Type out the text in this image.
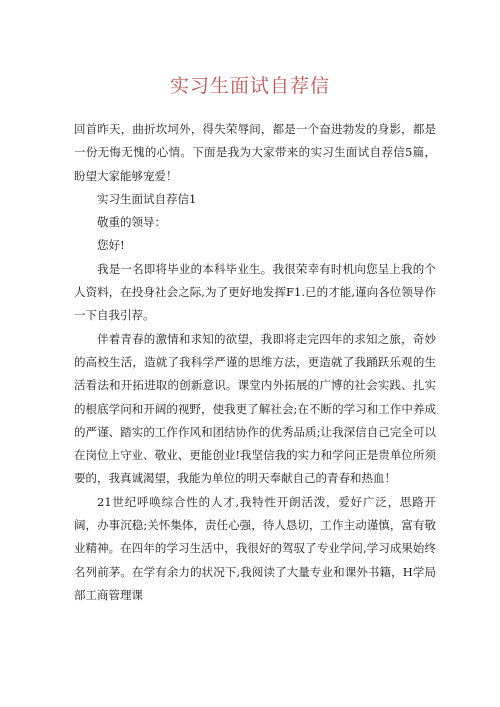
实习生面试自荐信

回首昨天，曲折坎坷外，得失荣辱间，都是一个奋进勃发的身影，都是一份无悔无愧的心情。下面是我为大家带来的实习生面试自荐信5篇，盼望大家能够宠爱！

实习生面试自荐信1

敬重的领导：

您好!

我是一名即将毕业的本科毕业生。我很荣幸有时机向您呈上我的个人资料，在投身社会之际,为了更好地发挥F1.已的才能,谨向各位领导作一下自我引荐。

伴着青春的激情和求知的欲望，我即将走完四年的求知之旅，奇妙的高校生活，造就了我科学严谨的思维方法，更造就了我踊跃乐观的生活看法和开拓进取的创新意识。课堂内外拓展的广博的社会实践、扎实的根底学问和开阔的视野，使我更了解社会;在不断的学习和工作中养成的严谨、踏实的工作作风和团结协作的优秀品质;让我深信自己完全可以在岗位上守业、敬业、更能创业!我坚信我的实力和学问正是贵单位所须要的，我真诚渴望，我能为单位的明天奉献自己的青春和热血！

21世纪呼唤综合性的人才,我特性开朗活泼，爱好广泛，思路开阔，办事沉稳;关怀集体，责任心强，待人恳切，工作主动谨慎，富有敬业精神。在四年的学习生活中，我很好的驾驭了专业学问,学习成果始终名列前茅。在学有余力的状况下,我阅读了大量专业和课外书籍，H学局部工商管理课
